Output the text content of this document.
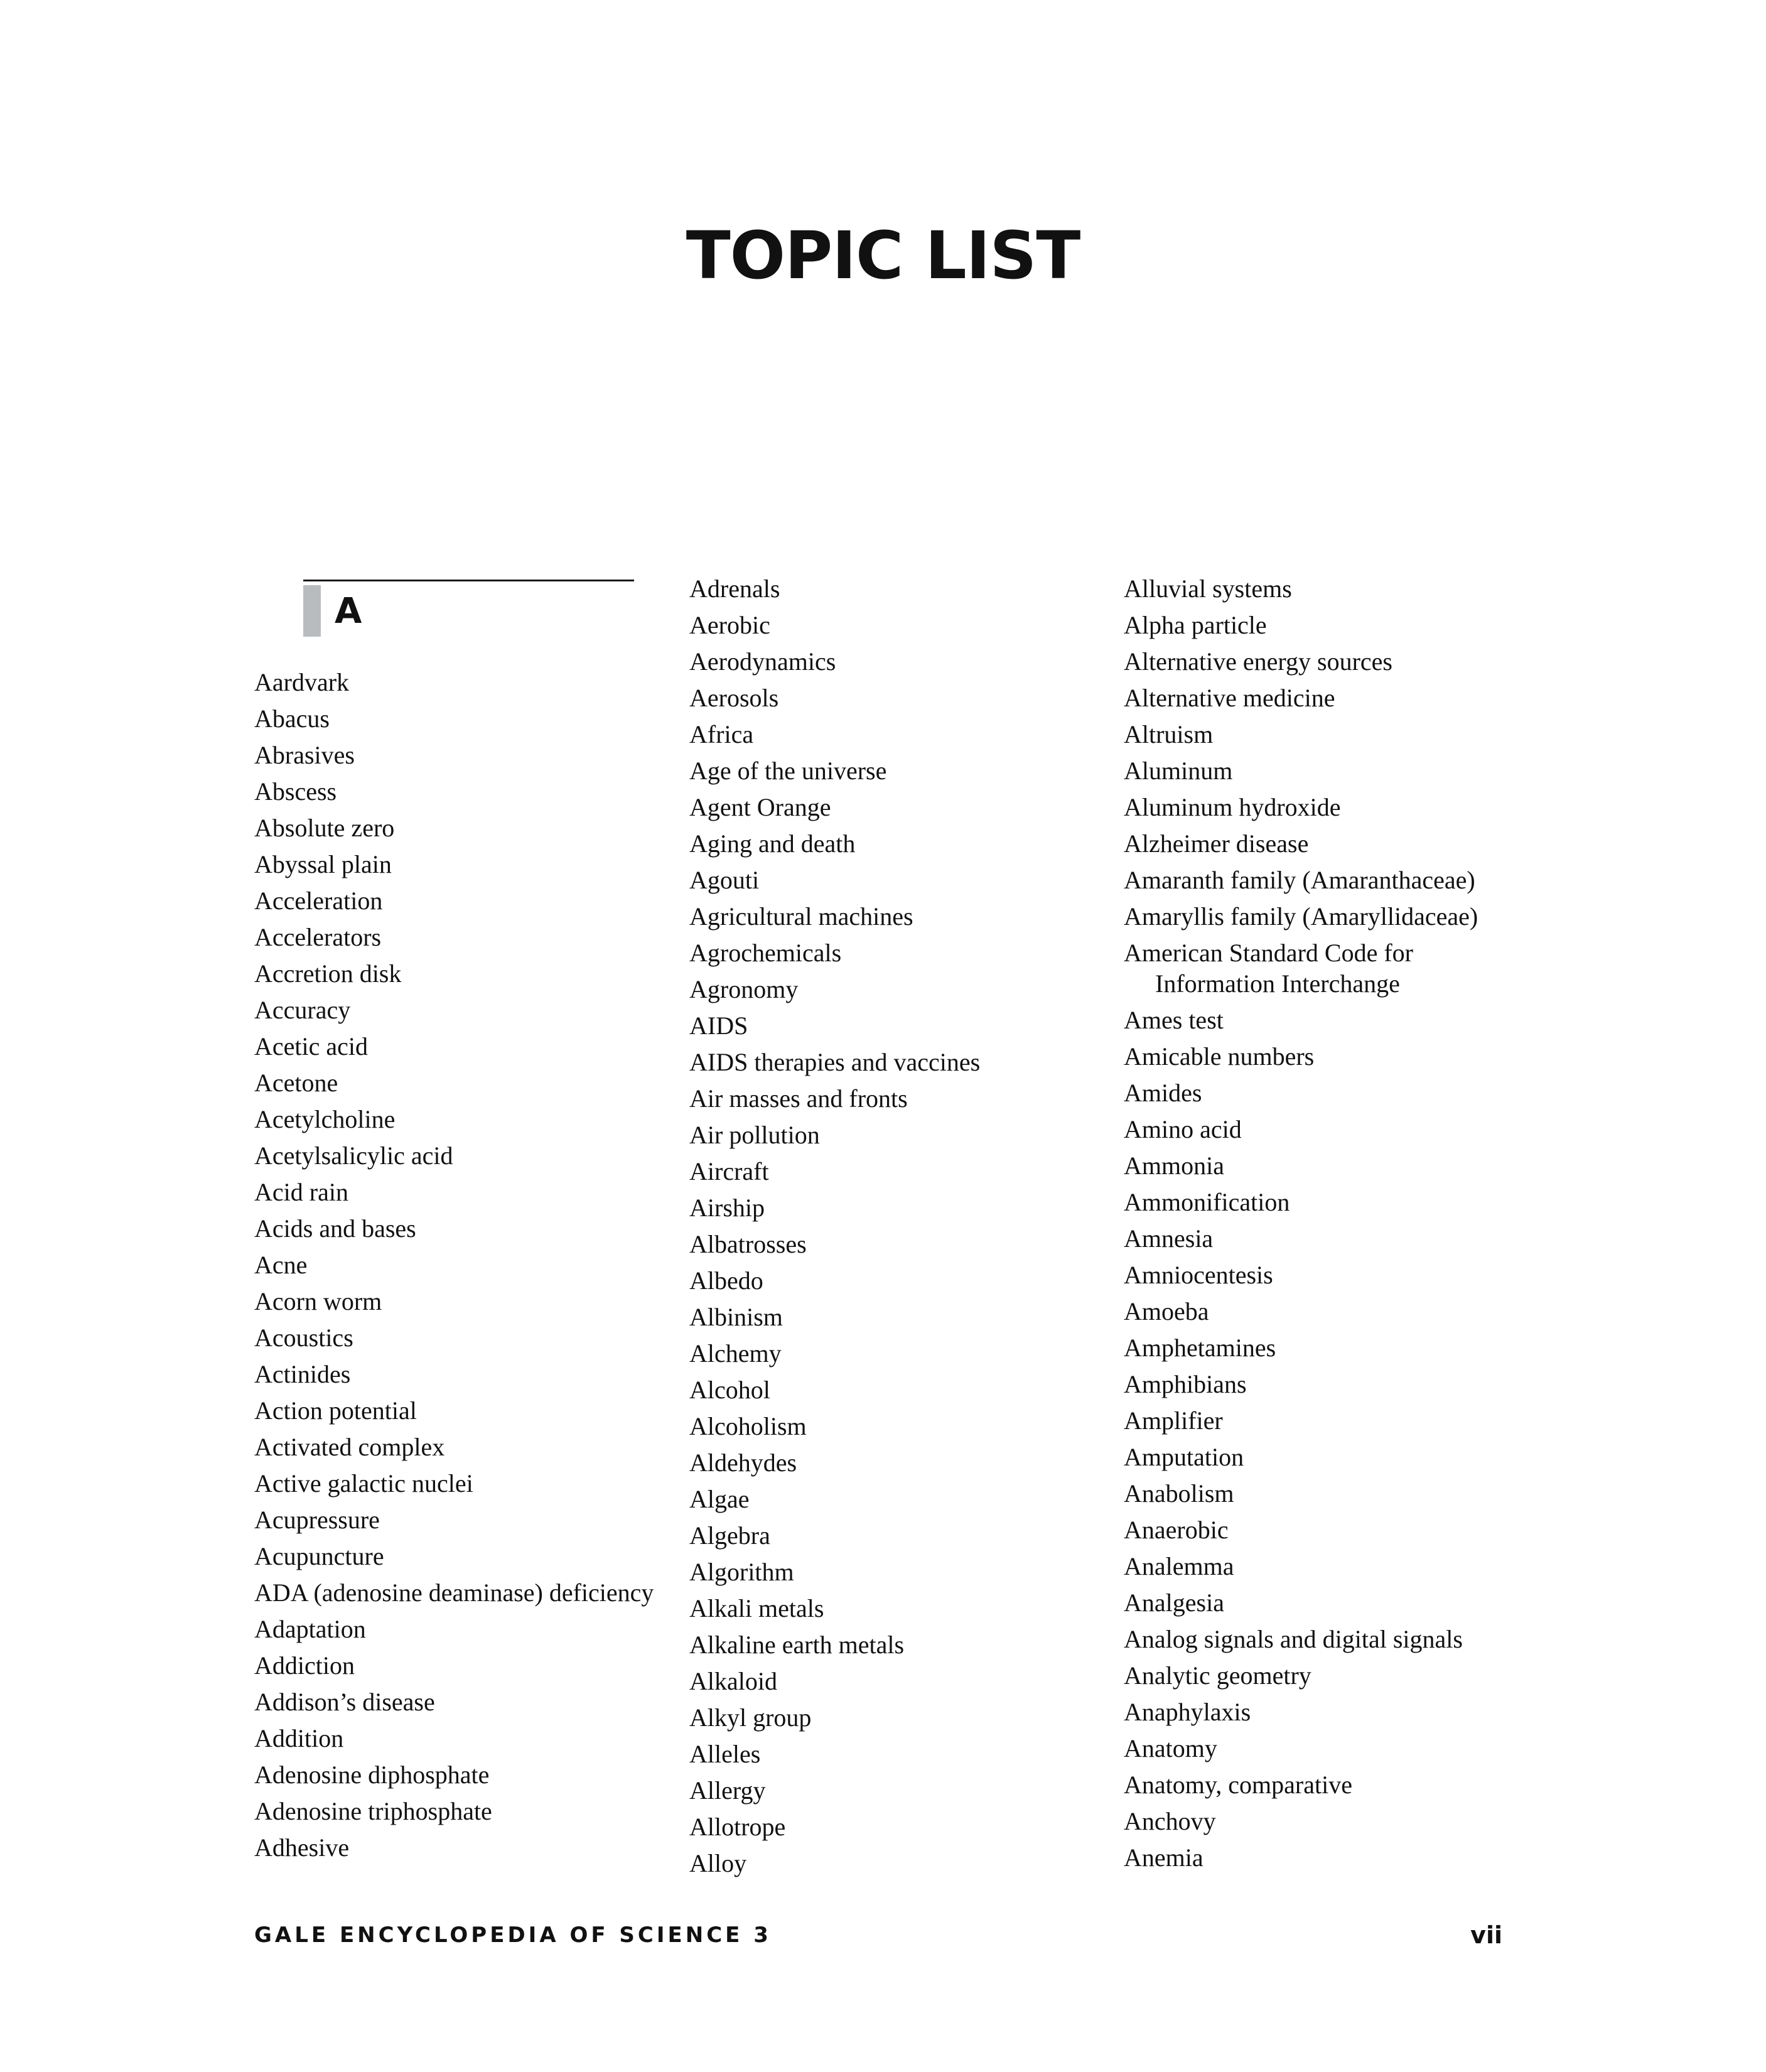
TOPIC LIST
A
Aardvark
Abacus
Abrasives
Abscess
Absolute zero
Abyssal plain
Acceleration
Accelerators
Accretion disk
Accuracy
Acetic acid
Acetone
Acetylcholine
Acetylsalicylic acid
Acid rain
Acids and bases
Acne
Acorn worm
Acoustics
Actinides
Action potential
Activated complex
Active galactic nuclei
Acupressure
Acupuncture
ADA (adenosine deaminase) deficiency
Adaptation
Addiction
Addison’s disease
Addition
Adenosine diphosphate
Adenosine triphosphate
Adhesive
Adrenals
Aerobic
Aerodynamics
Aerosols
Africa
Age of the universe
Agent Orange
Aging and death
Agouti
Agricultural machines
Agrochemicals
Agronomy
AIDS
AIDS therapies and vaccines
Air masses and fronts
Air pollution
Aircraft
Airship
Albatrosses
Albedo
Albinism
Alchemy
Alcohol
Alcoholism
Aldehydes
Algae
Algebra
Algorithm
Alkali metals
Alkaline earth metals
Alkaloid
Alkyl group
Alleles
Allergy
Allotrope
Alloy
Alluvial systems
Alpha particle
Alternative energy sources
Alternative medicine
Altruism
Aluminum
Aluminum hydroxide
Alzheimer disease
Amaranth family (Amaranthaceae)
Amaryllis family (Amaryllidaceae)
American Standard Code for Information Interchange
Ames test
Amicable numbers
Amides
Amino acid
Ammonia
Ammonification
Amnesia
Amniocentesis
Amoeba
Amphetamines
Amphibians
Amplifier
Amputation
Anabolism
Anaerobic
Analemma
Analgesia
Analog signals and digital signals
Analytic geometry
Anaphylaxis
Anatomy
Anatomy, comparative
Anchovy
Anemia
GALE ENCYCLOPEDIA OF SCIENCE 3	vii
